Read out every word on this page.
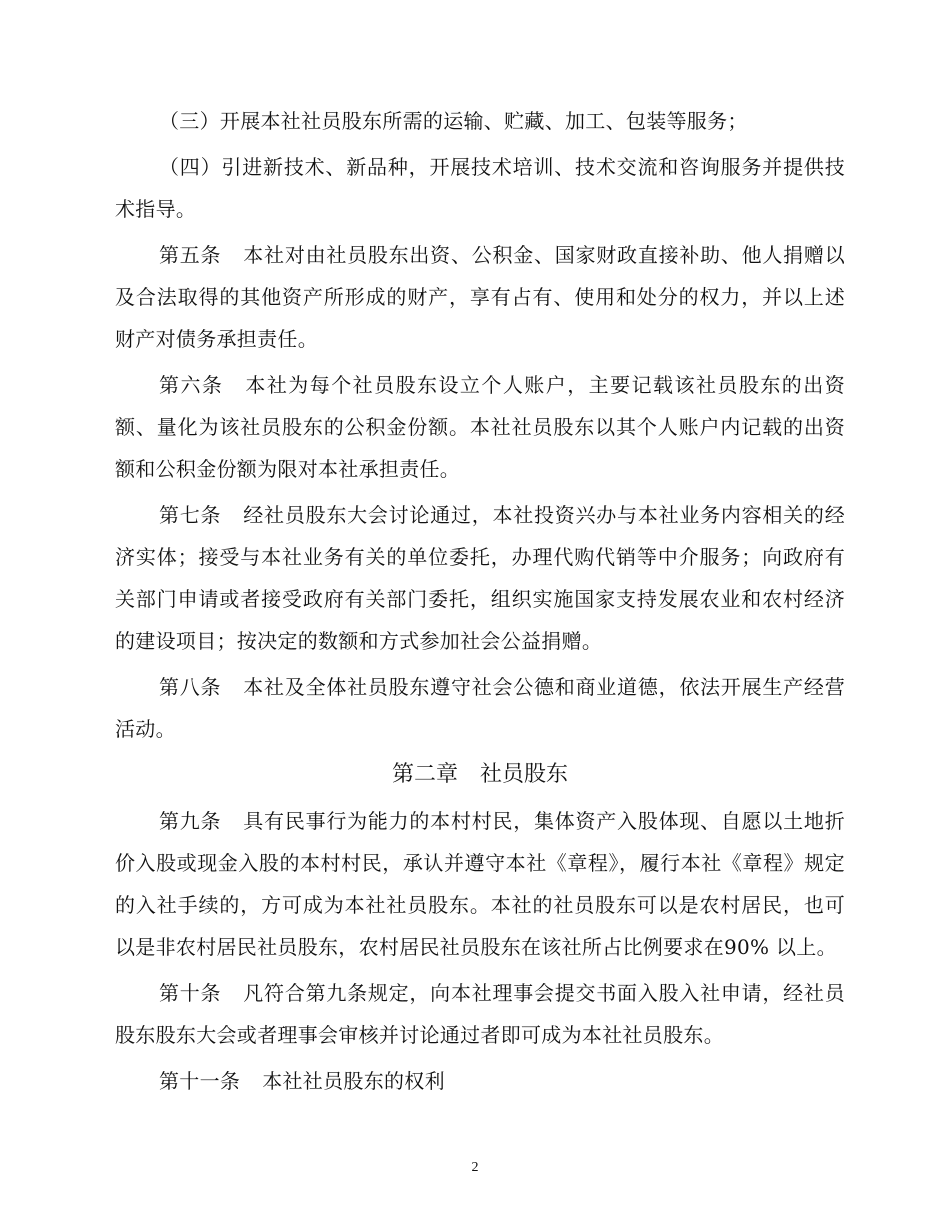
（三）开展本社社员股东所需的运输、贮藏、加工、包装等服务；

（四）引进新技术、新品种，开展技术培训、技术交流和咨询服务并提供技术指导。

第五条 本社对由社员股东出资、公积金、国家财政直接补助、他人捐赠以及合法取得的其他资产所形成的财产，享有占有、使用和处分的权力，并以上述财产对债务承担责任。

第六条 本社为每个社员股东设立个人账户，主要记载该社员股东的出资额、量化为该社员股东的公积金份额。本社社员股东以其个人账户内记载的出资额和公积金份额为限对本社承担责任。

第七条 经社员股东大会讨论通过，本社投资兴办与本社业务内容相关的经济实体；接受与本社业务有关的单位委托，办理代购代销等中介服务；向政府有关部门申请或者接受政府有关部门委托，组织实施国家支持发展农业和农村经济的建设项目；按决定的数额和方式参加社会公益捐赠。

第八条 本社及全体社员股东遵守社会公德和商业道德，依法开展生产经营活动。

第二章 社员股东

第九条 具有民事行为能力的本村村民，集体资产入股体现、自愿以土地折价入股或现金入股的本村村民，承认并遵守本社《章程》，履行本社《章程》规定的入社手续的，方可成为本社社员股东。本社的社员股东可以是农村居民，也可以是非农村居民社员股东，农村居民社员股东在该社所占比例要求在90% 以上。

第十条 凡符合第九条规定，向本社理事会提交书面入股入社申请，经社员股东股东大会或者理事会审核并讨论通过者即可成为本社社员股东。

第十一条 本社社员股东的权利

2
